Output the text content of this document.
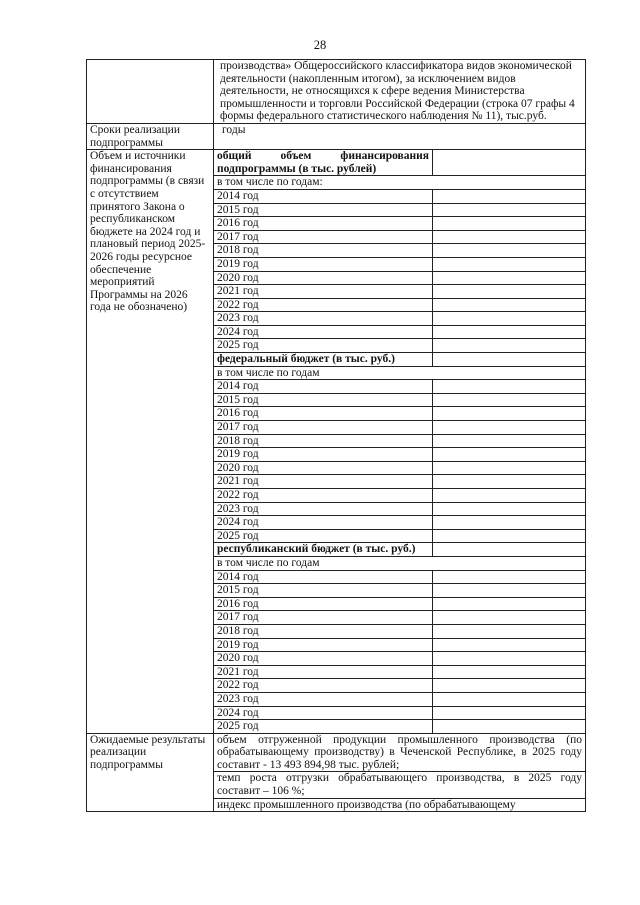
28
	производства» Общероссийского классификатора видов экономической деятельности (накопленным итогом), за исключением видов деятельности, не относящихся к сфере ведения Министерства промышленности и торговли Российской Федерации (строка 07 графы 4 формы федерального статистического наблюдения № 11), тыс.руб.	
Сроки реализации подпрограммы	годы	
Объем и источники финансирования подпрограммы (в связи с отсутствием принятого Закона о республиканском бюджете на 2024 год и плановый период 2025-2026 годы ресурсное обеспечение мероприятий Программы на 2026 года не обозначено)	общий объем финансирования подпрограммы (в тыс. рублей)	
	в том числе по годам:	
	2014 год	
	2015 год	
	2016 год	
	2017 год	
	2018 год	
	2019 год	
	2020 год	
	2021 год	
	2022 год	
	2023 год	
	2024 год	
	2025 год	
	федеральный бюджет (в тыс. руб.)	
	в том числе по годам	
	2014 год	
	2015 год	
	2016 год	
	2017 год	
	2018 год	
	2019 год	
	2020 год	
	2021 год	
	2022 год	
	2023 год	
	2024 год	
	2025 год	
	республиканский бюджет (в тыс. руб.)	
	в том числе по годам	
	2014 год	
	2015 год	
	2016 год	
	2017 год	
	2018 год	
	2019 год	
	2020 год	
	2021 год	
	2022 год	
	2023 год	
	2024 год	
	2025 год	
Ожидаемые результаты реализации подпрограммы	объем отгруженной продукции промышленного производства (по обрабатывающему производству) в Чеченской Республике, в 2025 году составит - 13 493 894,98 тыс. рублей;	
	темп роста отгрузки обрабатывающего производства, в 2025 году составит – 106 %;	
	индекс промышленного производства (по обрабатывающему	
